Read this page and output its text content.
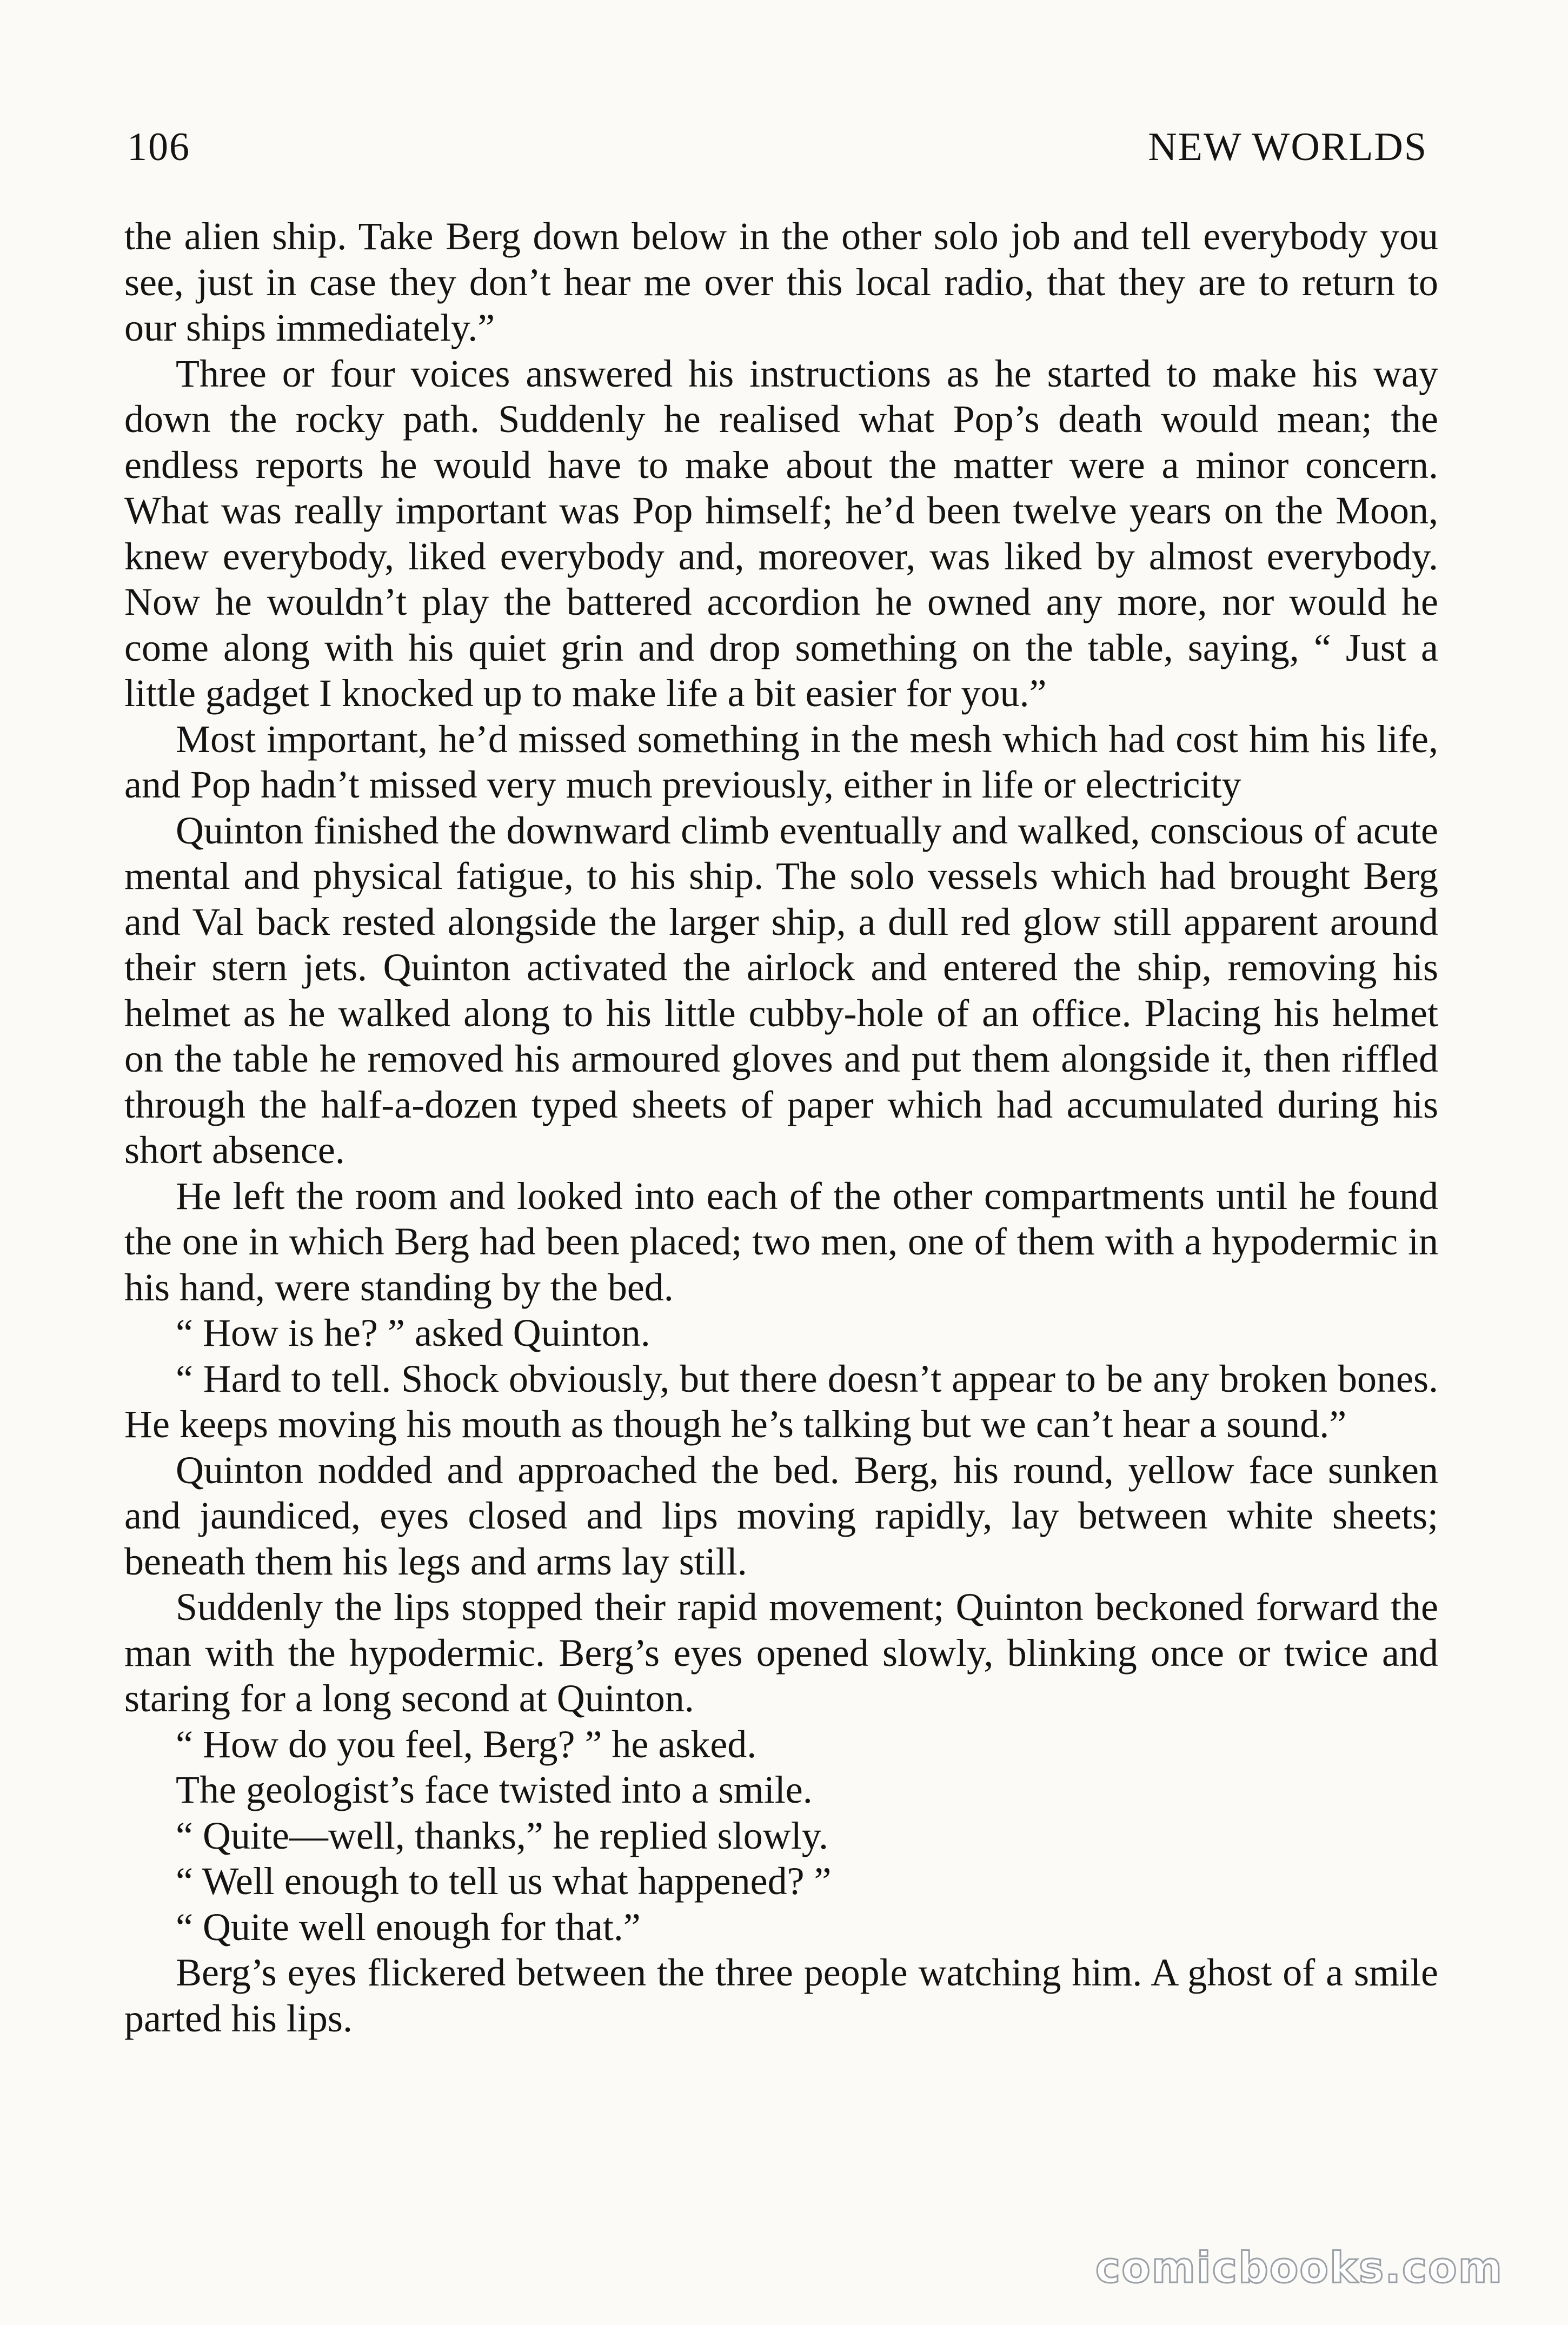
106	NEW WORLDS

the alien ship. Take Berg down below in the other solo job and tell everybody you see, just in case they don’t hear me over this local radio, that they are to return to our ships immediately.”

Three or four voices answered his instructions as he started to make his way down the rocky path. Suddenly he realised what Pop’s death would mean; the endless reports he would have to make about the matter were a minor concern. What was really important was Pop himself; he’d been twelve years on the Moon, knew everybody, liked everybody and, moreover, was liked by almost everybody. Now he wouldn’t play the battered accordion he owned any more, nor would he come along with his quiet grin and drop something on the table, saying, “ Just a little gadget I knocked up to make life a bit easier for you.”

Most important, he’d missed something in the mesh which had cost him his life, and Pop hadn’t missed very much previously, either in life or electricity

Quinton finished the downward climb eventually and walked, conscious of acute mental and physical fatigue, to his ship. The solo vessels which had brought Berg and Val back rested alongside the larger ship, a dull red glow still apparent around their stern jets. Quinton activated the airlock and entered the ship, removing his helmet as he walked along to his little cubby-hole of an office. Placing his helmet on the table he removed his armoured gloves and put them alongside it, then riffled through the half-a-dozen typed sheets of paper which had accumulated during his short absence.

He left the room and looked into each of the other compartments until he found the one in which Berg had been placed; two men, one of them with a hypodermic in his hand, were standing by the bed.

“ How is he? ” asked Quinton.

“ Hard to tell. Shock obviously, but there doesn’t appear to be any broken bones. He keeps moving his mouth as though he’s talking but we can’t hear a sound.”

Quinton nodded and approached the bed. Berg, his round, yellow face sunken and jaundiced, eyes closed and lips moving rapidly, lay between white sheets; beneath them his legs and arms lay still.

Suddenly the lips stopped their rapid movement; Quinton beckoned forward the man with the hypodermic. Berg’s eyes opened slowly, blinking once or twice and staring for a long second at Quinton.

“ How do you feel, Berg? ” he asked.

The geologist’s face twisted into a smile.

“ Quite—well, thanks,” he replied slowly.

“ Well enough to tell us what happened? ”

“ Quite well enough for that.”

Berg’s eyes flickered between the three people watching him. A ghost of a smile parted his lips.

comicbooks.com
